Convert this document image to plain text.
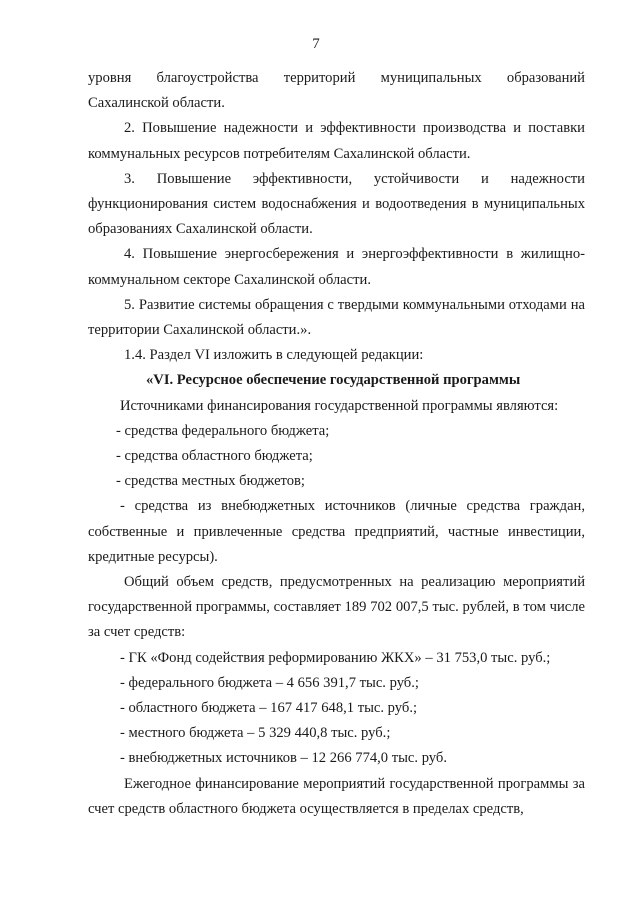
7

уровня благоустройства территорий муниципальных образований

Сахалинской области.

2. Повышение надежности и эффективности производства и поставки коммунальных ресурсов потребителям Сахалинской области.

3. Повышение эффективности, устойчивости и надежности функционирования систем водоснабжения и водоотведения в муниципальных образованиях Сахалинской области.

4. Повышение энергосбережения и энергоэффективности в жилищно-коммунальном секторе Сахалинской области.

5. Развитие системы обращения с твердыми коммунальными отходами на территории Сахалинской области.».

1.4. Раздел VI изложить в следующей редакции:

«VI. Ресурсное обеспечение государственной программы

Источниками финансирования государственной программы являются:

- средства федерального бюджета;

- средства областного бюджета;

- средства местных бюджетов;

- средства из внебюджетных источников (личные средства граждан, собственные и привлеченные средства предприятий, частные инвестиции, кредитные ресурсы).

Общий объем средств, предусмотренных на реализацию мероприятий государственной программы, составляет 189 702 007,5 тыс. рублей, в том числе за счет средств:

- ГК «Фонд содействия реформированию ЖКХ» – 31 753,0 тыс. руб.;

- федерального бюджета – 4 656 391,7 тыс. руб.;

- областного бюджета – 167 417 648,1 тыс. руб.;

- местного бюджета – 5 329 440,8 тыс. руб.;

- внебюджетных источников – 12 266 774,0 тыс. руб.

Ежегодное финансирование мероприятий государственной программы за счет средств областного бюджета осуществляется в пределах средств,
